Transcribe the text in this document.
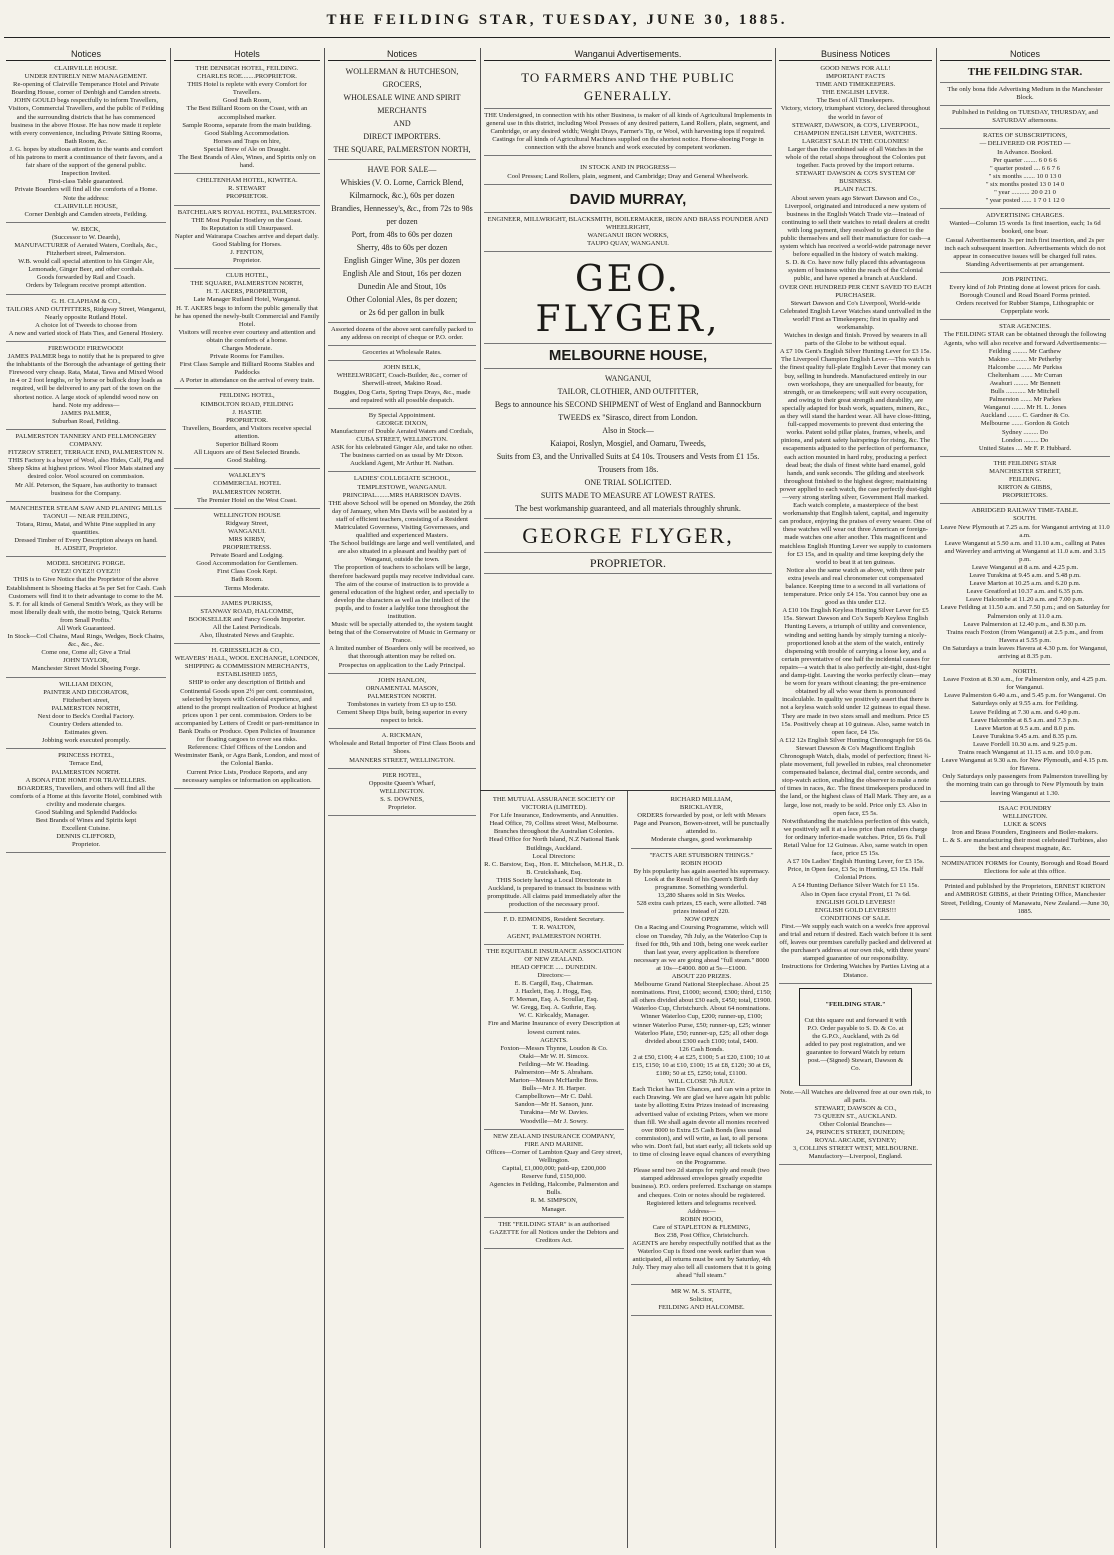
THE FEILDING STAR, TUESDAY, JUNE 30, 1885.
Notices
CLAIRVILLE HOUSE.
UNDER ENTIRELY NEW MANAGEMENT.
Re-opening of Clairville Temperance Hotel and Private Boarding House, corner of Denbigh and Camden streets.
JOHN GOULD begs respectfully to inform Travellers, Visitors, Commercial Travellers, and the public of Feilding and the surrounding districts that he has commenced business in the above House. He has now made it replete with every convenience, including Private Sitting Rooms, Bath Room, &c.
J. G. hopes by studious attention to the wants and comfort of his patrons to merit a continuance of their favors, and a fair share of the support of the general public.
Inspection Invited.
First-class Table guaranteed.
Private Boarders will find all the comforts of a Home.
Note the address:
CLAIRVILLE HOUSE,
Corner Denbigh and Camden streets, Feilding.
W. BECK,
(Successor to W. Deards),
MANUFACTURER of Aerated Waters, Cordials, &c., Fitzherbert street, Palmerston.
W.B. would call special attention to his Ginger Ale, Lemonade, Ginger Beer, and other cordials.
Goods forwarded by Rail and Coach.
Orders by Telegram receive prompt attention.
G. H. CLAPHAM & CO.,
TAILORS AND OUTFITTERS, Ridgway Street, Wanganui,
Nearly opposite Rutland Hotel.
A choice lot of Tweeds to choose from
A new and varied stock of Hats Ties, and General Hosiery.
FIREWOOD! FIREWOOD!
JAMES PALMER begs to notify that he is prepared to give the inhabitants of the Borough the advantage of getting their Firewood very cheap. Rata, Matai, Tawa and Mixed Wood in 4 or 2 foot lengths, or by horse or bullock dray loads as required, will be delivered to any part of the town on the shortest notice. A large stock of splendid wood now on hand. Note my address—
JAMES PALMER,
Suburban Road, Feilding.
PALMERSTON TANNERY AND FELLMONGERY COMPANY.
FITZROY STREET, TERRACE END, PALMERSTON N.
THIS Factory is a buyer of Wool, also Hides, Calf, Pig and Sheep Skins at highest prices. Wool Floor Mats stained any desired color. Wool scoured on commission.
Mr Alf. Peterson, the Square, has authority to transact business for the Company.
MANCHESTER STEAM SAW AND PLANING MILLS
TAONUI — NEAR FEILDING,
Totara, Rimu, Matai, and White Pine supplied in any quantities.
Dressed Timber of Every Description always on hand.
H. ADSEIT, Proprietor.
MODEL SHOEING FORGE.
OYEZ! OYEZ!! OYEZ!!!
THIS is to Give Notice that the Proprietor of the above Establishment is Shoeing Hacks at 5s per Set for Cash. Cash Customers will find it to their advantage to come to the M. S. F. for all kinds of General Smith's Work, as they will be most liberally dealt with, the motto being, 'Quick Returns from Small Profits.'
All Work Guaranteed.
In Stock—Coil Chains, Maul Rings, Wedges, Bock Chains, &c., &c., &c.
Come one, Come all; Give a Trial
JOHN TAYLOR,
Manchester Street Model Shoeing Forge.
WILLIAM DIXON,
PAINTER AND DECORATOR,
Fitzherbert street,
PALMERSTON NORTH,
Next door to Beck's Cordial Factory.
Country Orders attended to.
Estimates given.
Jobbing work executed promptly.
PRINCESS HOTEL,
Terrace End,
PALMERSTON NORTH.
A BONA FIDE HOME FOR TRAVELLERS.
BOARDERS, Travellers, and others will find all the comforts of a Home at this favorite Hotel, combined with civility and moderate charges.
Good Stabling and Splendid Paddocks
Best Brands of Wines and Spirits kept
Excellent Cuisine.
DENNIS CLIFFORD,
Proprietor.
Hotels
THE DENBIGH HOTEL, FEILDING.
CHARLES ROE........PROPRIETOR.
THIS Hotel is replete with every Comfort for Travellers.
Good Bath Room,
The Best Billiard Room on the Coast, with an accomplished marker.
Sample Rooms, separate from the main building.
Good Stabling Accommodation.
Horses and Traps on hire,
Special Brew of Ale on Draught.
The Best Brands of Ales, Wines, and Spirits only on hand.
CHELTENHAM HOTEL, KIWITEA.
R. STEWART
PROPRIETOR.
BATCHELAR'S ROYAL HOTEL, PALMERSTON.
THE Most Popular Hostlery on the Coast.
Its Reputation is still Unsurpassed.
Napier and Wairarapa Coaches arrive and depart daily.
Good Stabling for Horses.
J. FENTON,
Proprietor.
CLUB HOTEL,
THE SQUARE, PALMERSTON NORTH,
H. T. AKERS, PROPRIETOR,
Late Manager Rutland Hotel, Wanganui.
H. T. AKERS begs to inform the public generally that he has opened the newly-built Commercial and Family Hotel.
Visitors will receive ever courtesy and attention and obtain the comforts of a home.
Charges Moderate.
Private Rooms for Families.
First Class Sample and Billiard Rooms Stables and Paddocks
A Porter in attendance on the arrival of every train.
FEILDING HOTEL,
KIMBOLTON ROAD, FEILDING
J. HASTIE
PROPRIETOR.
Travellers, Boarders, and Visitors receive special attention.
Superior Billiard Room
All Liquors are of Best Selected Brands.
Good Stabling.
WALKLEY'S
COMMERCIAL HOTEL
PALMERSTON NORTH.
The Premier Hotel on the West Coast.
WELLINGTON HOUSE
Ridgway Street,
WANGANUI.
MRS KIRBY,
PROPRIETRESS.
Private Board and Lodging.
Good Accommodation for Gentlemen.
First Class Cook Kept.
Bath Room.
Terms Moderate.
JAMES PURKISS,
STANWAY ROAD, HALCOMBE,
BOOKSELLER and Fancy Goods Importer.
All the Latest Periodicals.
Also, Illustrated News and Graphic.
H. GRIESSELICH & CO.,
WEAVERS' HALL, WOOL EXCHANGE, LONDON,
SHIPPING & COMMISSION MERCHANTS, ESTABLISHED 1855,
SHIP to order any description of British and Continental Goods upon 2½ per cent. commission, selected by buyers with Colonial experience, and attend to the prompt realization of Produce at highest prices upon 1 per cent. commission. Orders to be accompanied by Letters of Credit or part-remittance in Bank Drafts or Produce. Open Policies of Insurance for floating cargoes to cover sea risks.
References: Chief Offices of the London and Westminster Bank, or Agra Bank, London, and most of the Colonial Banks.
Current Price Lists, Produce Reports, and any necessary samples or information on application.
Notices
WOLLERMAN & HUTCHESON,
GROCERS,
WHOLESALE WINE AND SPIRIT
MERCHANTS
AND
DIRECT IMPORTERS.
THE SQUARE, PALMERSTON NORTH,
HAVE FOR SALE—
Whiskies (V. O. Lorne, Carrick Blend, Kilmarnock, &c.), 60s per dozen
Brandies, Hennessey's, &c., from 72s to 98s per dozen
Port, from 48s to 60s per dozen
Sherry, 48s to 60s per dozen
English Ginger Wine, 30s per dozen
English Ale and Stout, 16s per dozen
Dunedin Ale and Stout, 10s
Other Colonial Ales, 8s per dozen;
or 2s 6d per gallon in bulk
Assorted dozens of the above sent carefully packed to any address on receipt of cheque or P.O. order.
Groceries at Wholesale Rates.
JOHN BELK,
WHEELWRIGHT, Coach-Builder, &c., corner of Sherwill-street, Makino Road.
Buggies, Dog Carts, Spring Traps Drays, &c., made and repaired with all possible despatch.
By Special Appointment.
GEORGE DIXON,
Manufacturer of Double Aerated Waters and Cordials,
CUBA STREET, WELLINGTON.
ASK for his celebrated Ginger Ale, and take no other. The business carried on as usual by Mr Dixon. Auckland Agent, Mr Arthur H. Nathan.
LADIES' COLLEGIATE SCHOOL,
TEMPLESTOWE, WANGANUI.
PRINCIPAL........MRS HARRISON DAVIS.
THE above School will be opened on Monday, the 26th day of January, when Mrs Davis will be assisted by a staff of efficient teachers, consisting of a Resident Matriculated Governess, Visiting Governesses, and qualified and experienced Masters.
The School buildings are large and well ventilated, and are also situated in a pleasant and healthy part of Wanganui, outside the town.
The proportion of teachers to scholars will be large, therefore backward pupils may receive individual care.
The aim of the course of instruction is to provide a general education of the highest order, and specially to develop the characters as well as the intellect of the pupils, and to foster a ladylike tone throughout the institution.
Music will be specially attended to, the system taught being that of the Conservatoire of Music in Germany or France.
A limited number of Boarders only will be received, so that thorough attention may be relied on.
Prospectus on application to the Lady Principal.
JOHN HANLON,
ORNAMENTAL MASON,
PALMERSTON NORTH.
Tombstones in variety from £3 up to £50.
Cement Sheep Dips built, being superior in every respect to brick.
A. RICKMAN,
Wholesale and Retail Importer of First Class Boots and Shoes.
MANNERS STREET, WELLINGTON.
PIER HOTEL,
Opposite Queen's Wharf,
WELLINGTON.
S. S. DOWNES,
Proprietor.
Wanganui Advertisements.
TO FARMERS AND THE PUBLIC GENERALLY.
THE Undersigned, in connection with his other Business, is maker of all kinds of Agricultural Implements in general use in this district, including Wool Presses of any desired pattern, Land Rollers, plain, segment, and Cambridge, or any desired width; Weight Drays, Farmer's Tip, or Wool, with harvesting tops if required. Castings for all kinds of Agricultural Machines supplied on the shortest notice. Horse-shoeing Forge in connection with the above branch and work executed by competent workmen.
IN STOCK AND IN PROGRESS—
Cool Presses; Land Rollers, plain, segment, and Cambridge; Dray and General Wheelwork.
DAVID MURRAY,
ENGINEER, MILLWRIGHT, BLACKSMITH, BOILERMAKER, IRON AND BRASS FOUNDER AND WHEELRIGHT,
WANGANUI IRON WORKS,
TAUPO QUAY, WANGANUI.
GEO. FLYGER,
MELBOURNE HOUSE,
WANGANUI,
TAILOR, CLOTHIER, AND OUTFITTER,
Begs to announce his SECOND SHIPMENT of West of England and Bannockburn TWEEDS ex "Sirasco, direct from London.
Also in Stock—
Kaiapoi, Roslyn, Mosgiel, and Oamaru, Tweeds,
Suits from £3, and the Unrivalled Suits at £4 10s. Trousers and Vests from £1 15s. Trousers from 18s.
ONE TRIAL SOLICITED.
SUITS MADE TO MEASURE AT LOWEST RATES.
The best workmanship guaranteed, and all materials throughly shrunk.
GEORGE FLYGER,
PROPRIETOR.
THE MUTUAL ASSURANCE SOCIETY OF VICTORIA (LIMITED).
For Life Insurance, Endowments, and Annuities.
Head Office, 79, Collins street West, Melbourne.
Branches throughout the Australian Colonies.
Head Office for North Island, N.Z National Bank Buildings, Auckland.
Local Directors:
R. C. Barstow, Esq., Hon. E. Mitchelson, M.H.R., D. B. Cruickshank, Esq.
THIS Society having a Local Directorate in Auckland, is prepared to transact its business with promptitude. All claims paid immediately after the production of the necessary proof.
F. D. EDMONDS, Resident Secretary.
T. R. WALTON,
AGENT, PALMERSTON NORTH.
THE EQUITABLE INSURANCE ASSOCIATION OF NEW ZEALAND.
HEAD OFFICE ..... DUNEDIN.
Directors:—
E. B. Cargill, Esq., Chairman.
J. Hazlett, Esq. J. Hogg, Esq.
F. Meenan, Esq. A. Scoullar, Esq.
W. Gregg, Esq. A. Guthrie, Esq.
W. C. Kirkcaldy, Manager.
Fire and Marine Insurance of every Description at lowest current rates.
AGENTS.
Foxton—Messrs Thynne, Loudon & Co.
Otaki—Mr W. H. Simcox.
Feilding—Mr W. Heading.
Palmerston—Mr S. Abraham.
Marton—Messrs McHardie Bros.
Bulls—Mr J. H. Harper.
Campbelltown—Mr C. Dahl.
Sandon—Mr H. Sanson, junr.
Turakina—Mr W. Davies.
Woodville—Mr J. Sowry.
NEW ZEALAND INSURANCE COMPANY,
FIRE AND MARINE.
Offices—Corner of Lambton Quay and Grey street, Wellington.
Capital, £1,000,000; paid-up, £200,000
Reserve fund, £150,000.
Agencies in Feilding, Halcombe, Palmerston and Bulls.
R. M. SIMPSON,
Manager.
THE "FEILDING STAR" is an authorised GAZETTE for all Notices under the Debtors and Creditors Act.
RICHARD MILLIAM,
BRICKLAYER,
ORDERS forwarded by post, or left with Messrs Page and Pearson, Bowen-street, will be punctually attended to.
Moderate charges, good workmanship
"FACTS ARE STUBBORN THINGS."
ROBIN HOOD
By his popularity has again asserted his supremacy.
Look at the Result of his Queen's Birth day programme. Something wonderful.
13,280 Shares sold in Six Weeks.
528 extra cash prizes, £5 each, were allotted. 748 prizes instead of 220.
NOW OPEN
On a Racing and Coursing Programme, which will close on Tuesday, 7th July, as the Waterloo Cup is fixed for 8th, 9th and 10th, being one week earlier than last year, every application is therefore necessary as we are going ahead "full steam." 8000 at 10s—£4000. 800 at 5s—£1000.
ABOUT 220 PRIZES.
Melbourne Grand National Steeplechase. About 25 nominations. First, £1000; second, £300; third, £150; all others divided about £30 each, £450; total, £1900.
Waterloo Cup, Christchurch. About 64 nominations. Winner Waterloo Cup, £200; runner-up, £100; winner Waterloo Purse, £50; runner-up, £25; winner Waterloo Plate, £50; runner-up, £25; all other dogs divided about £300 each £100; total, £400.
126 Cash Bonds.
2 at £50, £100; 4 at £25, £100; 5 at £20, £100; 10 at £15, £150; 10 at £10, £100; 15 at £8, £120; 30 at £6, £180; 50 at £5, £250; total, £1100.
WILL CLOSE 7th JULY.
Each Ticket has Ten Chances, and can win a prize in each Drawing. We are glad we have again hit public taste by allotting Extra Prizes instead of increasing advertised value of existing Prizes, when we more than fill. We shall again devote all monies received over 8000 to Extra £5 Cash Bonds (less usual commission), and will write, as last, to all persons who win. Don't fail, but start early; all tickets sold up to time of closing leave equal chances of everything on the Programme.
Please send two 2d stamps for reply and result (two stamped addressed envelopes greatly expedite business). P.O. orders preferred. Exchange on stamps and cheques. Coin or notes should be registered. Registered letters and telegrams received.
Address—
ROBIN HOOD,
Care of STAPLETON & FLEMING,
Box 238, Post Office, Christchurch.
AGENTS are hereby respectfully notified that as the Waterloo Cup is fixed one week earlier than was anticipated, all returns must be sent by Saturday, 4th July. They may also tell all customers that it is going ahead "full steam."
MR W. M. S. STAITE,
Solicitor,
FEILDING AND HALCOMBE.
Business Notices
GOOD NEWS FOR ALL!
IMPORTANT FACTS
TIME AND TIMEKEEPERS.
THE ENGLISH LEVER.
The Best of All Timekeepers.
Victory, victory, triumphant victory, declared throughout the world in favor of
STEWART, DAWSON, & CO'S, LIVERPOOL,
CHAMPION ENGLISH LEVER, WATCHES.
LARGEST SALE IN THE COLONIES!
Larger than the combined sale of all Watches in the whole of the retail shops throughout the Colonies put together. Facts proved by the import returns.
STEWART DAWSON & CO'S SYSTEM OF BUSINESS.
PLAIN FACTS.
About seven years ago Stewart Dawson and Co., Liverpool, originated and introduced a new system of business in the English Watch Trade viz—Instead of continuing to sell their watches to retail dealers at credit with long payment, they resolved to go direct to the public themselves and sell their manufacture for cash—a system which has received a world-wide patronage never before equalled in the history of watch making.
S. D. & Co. have now fully placed this advantageous system of business within the reach of the Colonial public, and have opened a branch at Auckland.
OVER ONE HUNDRED PER CENT SAVED TO EACH PURCHASER.
Stewart Dawson and Co's Liverpool, World-wide Celebrated English Lever Watches stand unrivalled in the world! First as Timekeepers; first in quality and workmanship.
Watches in design and finish. Proved by wearers in all parts of the Globe to be without equal.
A £7 10s Gent's English Silver Hunting Lever for £3 15s.
The Liverpool Champion English Lever.—This watch is the finest quality full-plate English Lever that money can buy, selling in hundreds. Manufactured entirely in our own workshops, they are unequalled for beauty, for strength, or as timekeepers; will suit every occupation, and owing to their great strength and durability, are specially adapted for bush work, squatters, miners, &c., as they will stand the hardest wear. All have close-fitting, full-capped movements to prevent dust entering the works. Patent solid pillar plates, frames, wheels, and pinions, and patent safety hairsprings for rising, &c. The escapements adjusted to the perfection of performance, each action mounted in hard ruby, producing a perfect dead beat; the dials of finest white hard enamel, gold hands, and sunk seconds. The gilding and steelwork throughout finished to the highest degree; maintaining power applied to each watch, the case perfectly dust-tight—very strong sterling silver, Government Hall marked. Each watch complete, a masterpiece of the best workmanship that English talent, capital, and ingenuity can produce, enjoying the praises of every wearer. One of these watches will wear out three American or foreign-made watches one after another. This magnificent and matchless English Hunting Lever we supply to customers for £3 15s, and in quality and time keeping defy the world to beat it at ten guineas.
Notice also the same watch as above, with three pair extra jewels and real chronometer cut compensated balance. Keeping time to a second in all variations of temperature. Price only £4 15s. You cannot buy one as good as this under £12.
A £10 10s English Keyless Hunting Silver Lever for £5 15s. Stewart Dawson and Co's Superb Keyless English Hunting Levers, a triumph of utility and convenience, winding and setting hands by simply turning a nicely-proportioned knob at the stem of the watch, entirely dispensing with trouble of carrying a loose key, and a certain preventative of one half the incidental causes for repairs—a watch that is also perfectly air-tight, dust-tight and damp-tight. Leaving the works perfectly clean—may be worn for years without cleaning; the pre-eminence obtained by all who wear them is pronounced incalculable. In quality we positively assert that there is not a keyless watch sold under 12 guineas to equal these. They are made in two sizes small and medium. Price £5 15s. Positively cheap at 10 guineas. Also, same watch in open face, £4 15s.
A £12 12s English Silver Hunting Chronograph for £6 6s. Stewart Dawson & Co's Magnificent English Chronograph Watch, dials, model of perfection; finest ¾-plate movement, full jewelled in rubies, real chronometer compensated balance, decimal dial, centre seconds, and stop-watch action, enabling the observer to make a note of times in races, &c. The finest timekeepers produced in the land, or the highest class of Hall Mark. They are, as a large, lose not, ready to be sold. Price only £3. Also in open face, £5 5s.
Notwithstanding the matchless perfection of this watch, we positively sell it at a less price than retailers charge for ordinary inferior-made watches. Price, £6 6s. Full Retail Value for 12 Guineas. Also, same watch in open face, price £5 15s.
A £7 10s Ladies' English Hunting Lever, for £3 15s.
Price, in Open face, £3 5s; in Hunting, £3 15s. Half Colonial Prices.
A £4 Hunting Defiance Silver Watch for £1 15s.
Also in Open face crystal Front, £1 7s 6d.
ENGLISH GOLD LEVERS!!
ENGLISH GOLD LEVERS!!!
CONDITIONS OF SALE.
First.—We supply each watch on a week's free approval and trial and return if desired. Each watch before it is sent off, leaves our premises carefully packed and delivered at the purchaser's address at our own risk, with three years' stamped guarantee of our responsibility.
Instructions for Ordering Watches by Parties Living at a Distance.

"FEILDING STAR."

Cut this square out and forward it with P.O. Order payable to S. D. & Co. at the G.P.O., Auckland, with 2s 6d added to pay post registration, and we guarantee to forward Watch by return post.—(Signed) Stewart, Dawson & Co.

Note.—All Watches are delivered free at our own risk, to all parts.
STEWART, DAWSON & CO.,
73 QUEEN ST., AUCKLAND.
Other Colonial Branches—
24, PRINCE'S STREET, DUNEDIN;
ROYAL ARCADE, SYDNEY;
3, COLLINS STREET WEST, MELBOURNE.
Manufactory—Liverpool, England.
Notices
THE FEILDING STAR.
The only bona fide Advertising Medium in the Manchester Block.
Published in Feilding on TUESDAY, THURSDAY, and SATURDAY afternoons.
RATES OF SUBSCRIPTIONS,
— DELIVERED OR POSTED —
In Advance. Booked.
Per quarter ........ 6 0 6 6
" quarter posted .... 6 6 7 6
" six months ....... 10 0 13 0
" six months posted 13 0 14 0
" year ........... 20 0 21 0
" year posted ...... 1 7 0 1 12 0
ADVERTISING CHARGES.
Wanted—Column 15 words 1s first insertion, each; 1s 6d booked, one boar.
Casual Advertisements 3s per inch first insertion, and 2s per inch each subsequent insertion. Advertisements which do not appear in consecutive issues will be charged full rates.
Standing Advertisements at per arrangement.
JOB PRINTING.
Every kind of Job Printing done at lowest prices for cash.
Borough Council and Road Board Forms printed.
Orders received for Rubber Stamps, Lithographic or Copperplate work.
STAR AGENCIES.
The FEILDING STAR can be obtained through the following Agents, who will also receive and forward Advertisements:—
Feilding ......... Mr Carthew
Makino .......... Mr Petherby
Halcombe ......... Mr Purkiss
Cheltenham ....... Mr Curran
Awahuri ......... Mr Bennett
Bulls ............ Mr Mitchell
Palmerston ....... Mr Parkes
Wanganui ........ Mr H. L. Jones
Auckland ........ C. Gardner & Co.
Melbourne ....... Gordon & Gotch
Sydney ......... Do
London ......... Do
United States .... Mr F. P. Hubbard.
THE FEILDING STAR
MANCHESTER STREET,
FEILDING.
KIRTON & GIBBS,
PROPRIETORS.
ABRIDGED RAILWAY TIME-TABLE.
SOUTH.
Leave New Plymouth at 7.25 a.m. for Wanganui arriving at 11.0 a.m.
Leave Wanganui at 5.50 a.m. and 11.10 a.m., calling at Pates and Waverley and arriving at Wanganui at 11.0 a.m. and 3.15 p.m.
Leave Wanganui at 8 a.m. and 4.25 p.m.
Leave Turakina at 9.45 a.m. and 5.48 p.m.
Leave Marton at 10.25 a.m. and 6.20 p.m.
Leave Greatford at 10.37 a.m. and 6.35 p.m.
Leave Halcombe at 11.20 a.m. and 7.00 p.m.
Leave Feilding at 11.50 a.m. and 7.50 p.m.; and on Saturday for Palmerston only at 11.0 a.m.
Leave Palmerston at 12.40 p.m., and 8.30 p.m.
Trains reach Foxton (from Wanganui) at 2.5 p.m., and from Havera at 5.55 p.m.
On Saturdays a train leaves Havera at 4.30 p.m. for Wanganui, arriving at 8.35 p.m.
NORTH.
Leave Foxton at 8.30 a.m., for Palmerston only, and 4.25 p.m. for Wanganui.
Leave Palmerston 6.40 a.m., and 5.45 p.m. for Wanganui. On Saturdays only at 9.55 a.m. for Feilding.
Leave Feilding at 7.30 a.m. and 6.40 p.m.
Leave Halcombe at 8.5 a.m. and 7.3 p.m.
Leave Marton at 9.5 a.m. and 8.0 p.m.
Leave Turakina 9.45 a.m. and 8.35 p.m.
Leave Fordell 10.30 a.m. and 9.25 p.m.
Trains reach Wanganui at 11.15 a.m. and 10.0 p.m.
Leave Wanganui at 9.30 a.m. for New Plymouth, and 4.15 p.m. for Havera.
Only Saturdays only passengers from Palmerston travelling by the morning train can go through to New Plymouth by train leaving Wanganui at 1.30.
ISAAC FOUNDRY
WELLINGTON.
LUKE & SONS
Iron and Brass Founders, Engineers and Boiler-makers.
L. & S. are manufacturing their most celebrated Turbines, also the best and cheapest magnate, &c.
NOMINATION FORMS for County, Borough and Road Board Elections for sale at this office.
Printed and published by the Proprietors, ERNEST KIRTON and AMBROSE GIBBS, at their Printing Office, Manchester Street, Feilding, County of Manawatu, New Zealand.—June 30, 1885.
